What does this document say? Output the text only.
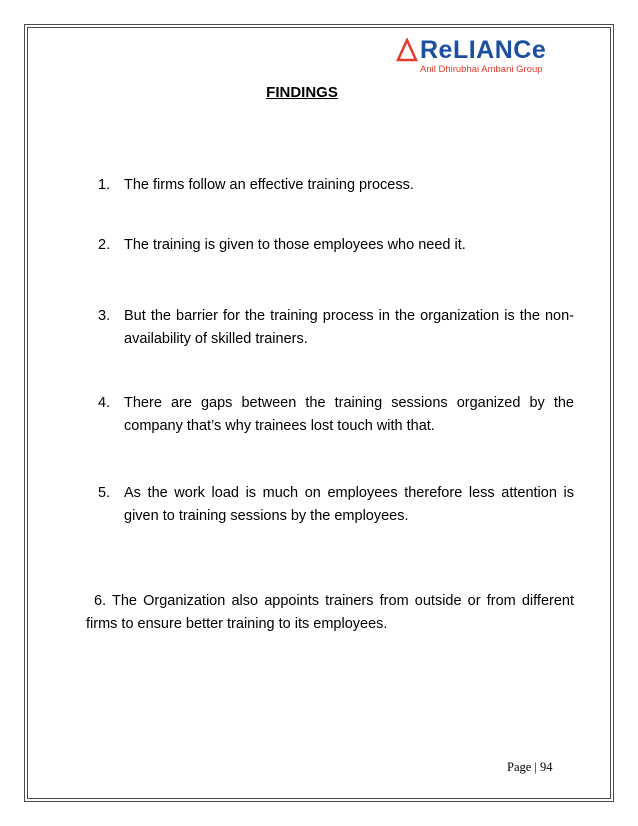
ReLIANCe
Anil Dhirubhai Ambani Group
FINDINGS
1. The firms follow an effective training process.
2. The training is given to those employees who need it.
3. But the barrier for the training process in the organization is the non-availability of skilled trainers.
4. There are gaps between the training sessions organized by the company that’s why trainees lost touch with that.
5. As the work load is much on employees therefore less attention is given to training sessions by the employees.
6. The Organization also appoints trainers from outside or from different firms to ensure better training to its employees.
Page | 94
